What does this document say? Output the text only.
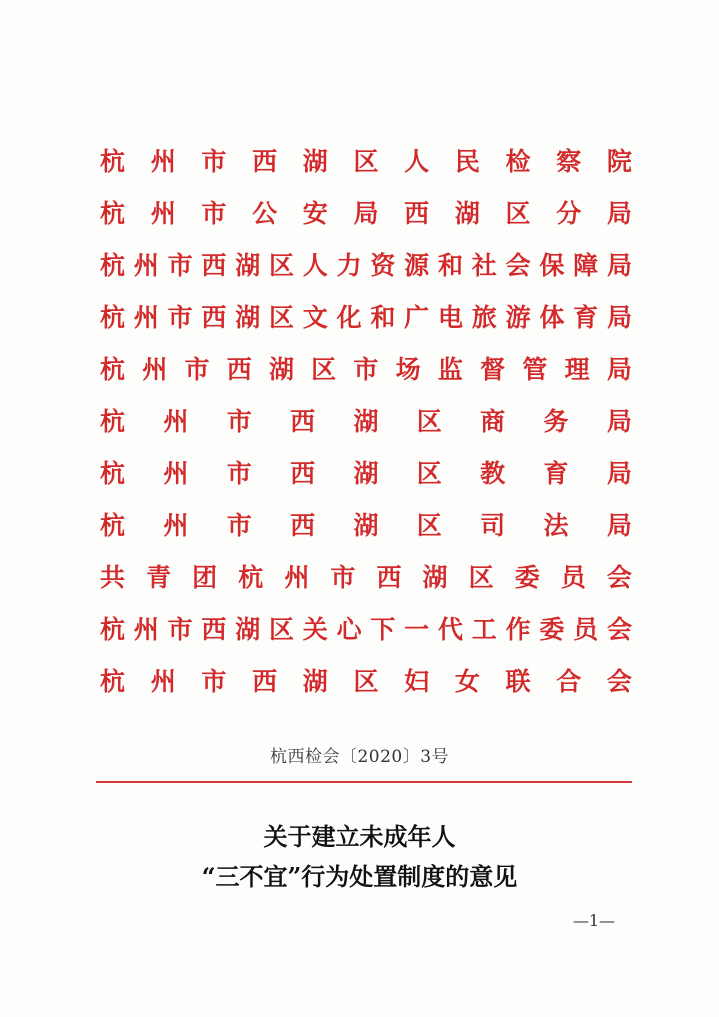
杭 州 市 西 湖 区 人 民 检 察 院
杭 州 市 公 安 局 西 湖 区 分 局
杭 州 市 西 湖 区 人 力 资 源 和 社 会 保 障 局
杭 州 市 西 湖 区 文 化 和 广 电 旅 游 体 育 局
杭 州 市 西 湖 区 市 场 监 督 管 理 局
杭 州 市 西 湖 区 商 务 局
杭 州 市 西 湖 区 教 育 局
杭 州 市 西 湖 区 司 法 局
共 青 团 杭 州 市 西 湖 区 委 员 会
杭 州 市 西 湖 区 关 心 下 一 代 工 作 委 员 会
杭 州 市 西 湖 区 妇 女 联 合 会
杭西检会〔2020〕3号
关于建立未成年人
“三不宜”行为处置制度的意见
—1—
